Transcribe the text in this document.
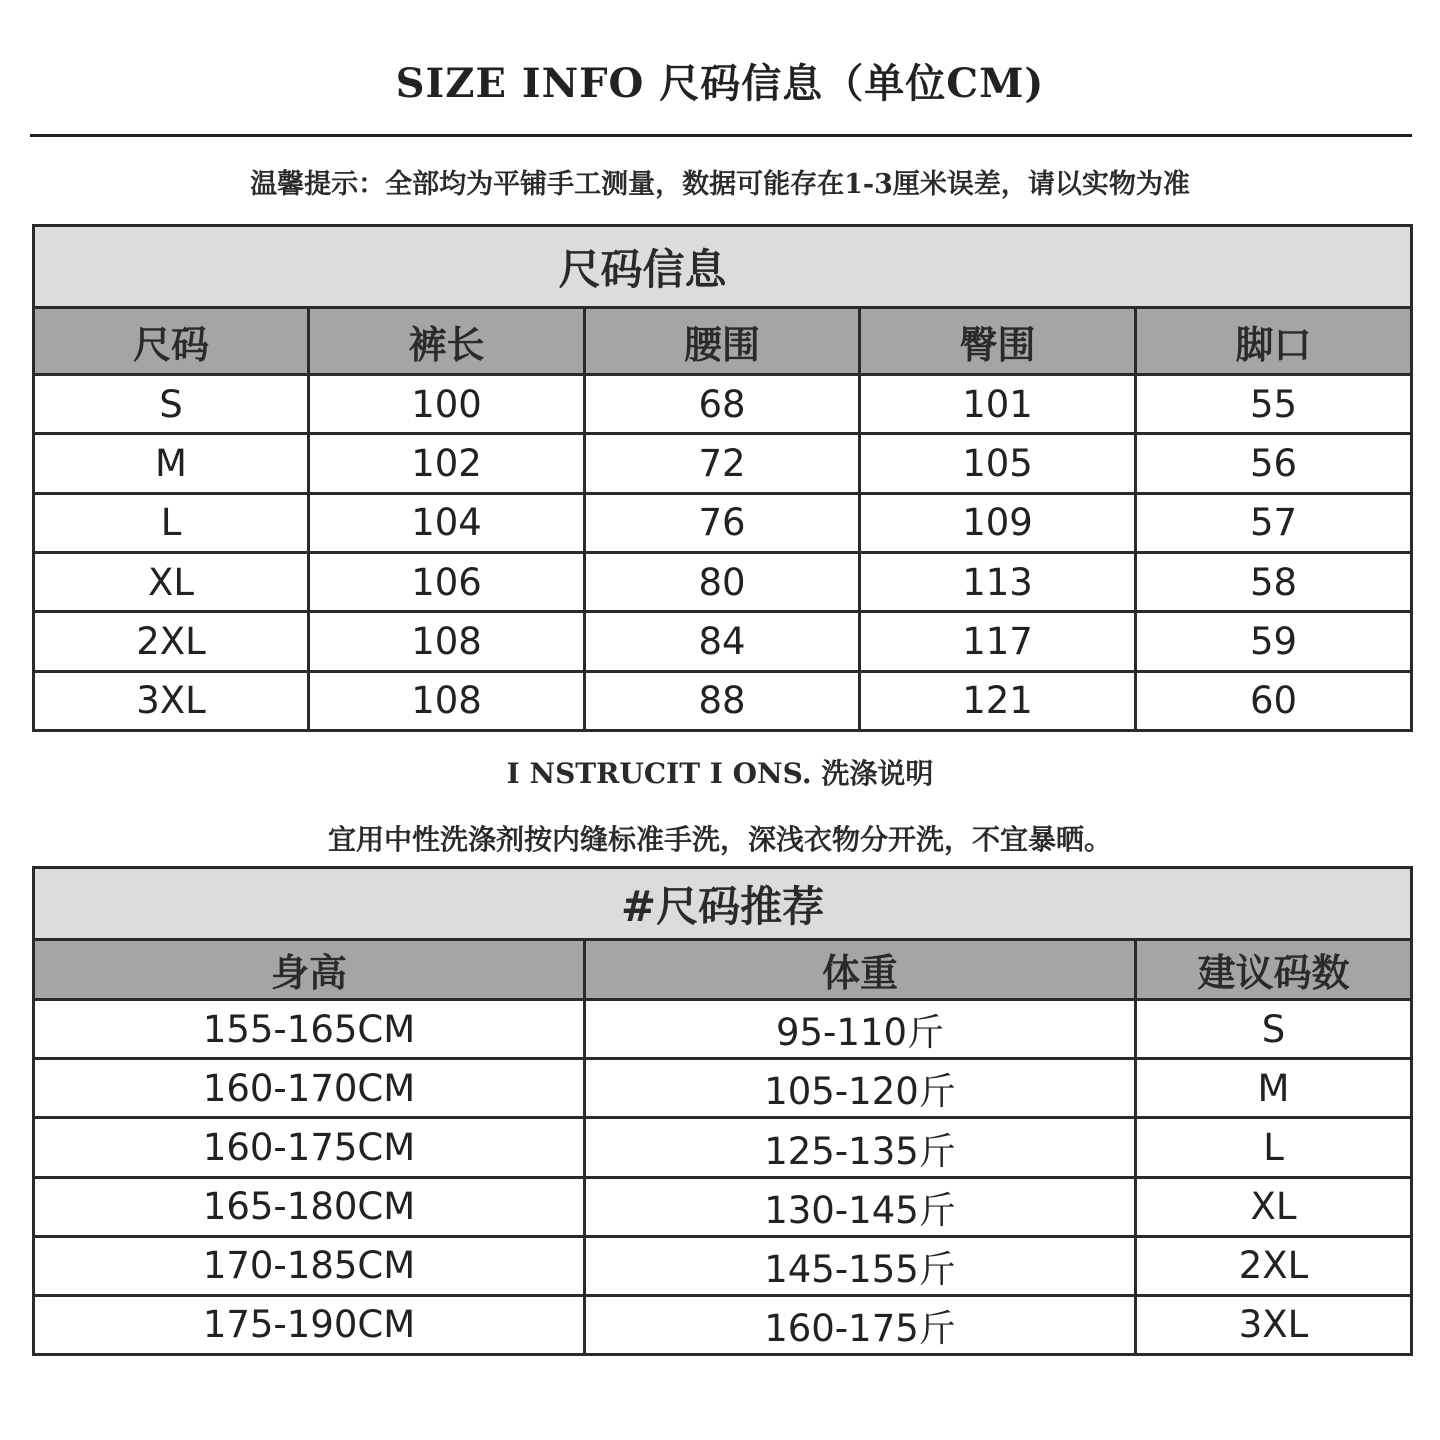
SIZE INFO 尺码信息（单位CM)
温馨提示：全部均为平铺手工测量，数据可能存在1-3厘米误差，请以实物为准
尺码信息				
尺码	裤长	腰围	臀围	脚口
S	100	68	101	55
M	102	72	105	56
L	104	76	109	57
XL	106	80	113	58
2XL	108	84	117	59
3XL	108	88	121	60
I NSTRUCIT I ONS. 洗涤说明
宜用中性洗涤剂按内缝标准手洗，深浅衣物分开洗，不宜暴晒。
#尺码推荐		
身高	体重	建议码数
155-165CM	95-110斤	S
160-170CM	105-120斤	M
160-175CM	125-135斤	L
165-180CM	130-145斤	XL
170-185CM	145-155斤	2XL
175-190CM	160-175斤	3XL
